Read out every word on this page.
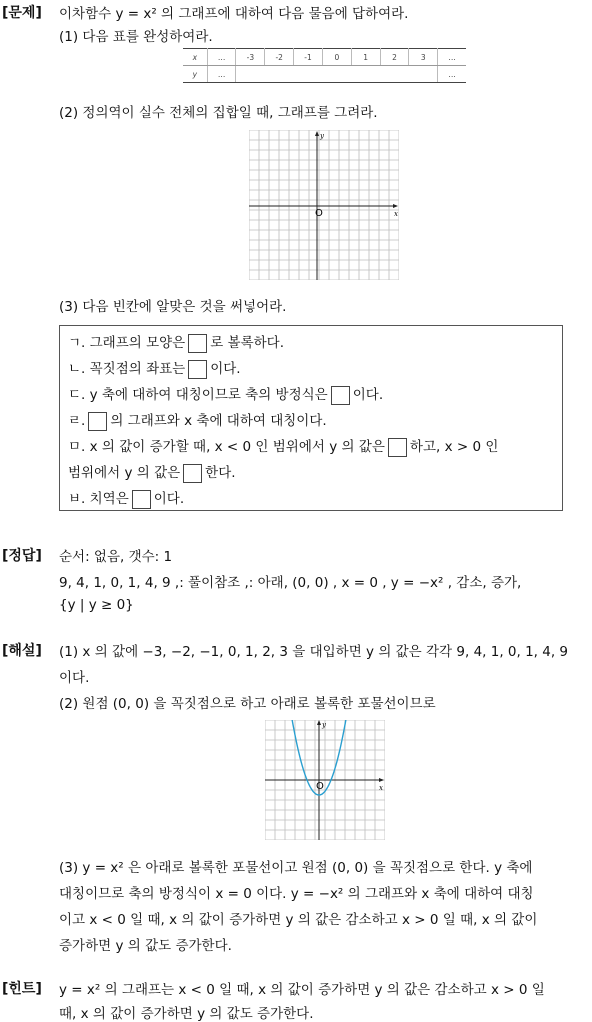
[문제] 이차함수 y = x² 의 그래프에 대하여 다음 물음에 답하여라.
(1) 다음 표를 완성하여라.
x	…	-3	-2	-1	0	1	2	3	…
y	…								…
(2) 정의역이 실수 전체의 집합일 때, 그래프를 그려라.
y
x
O
(3) 다음 빈칸에 알맞은 것을 써넣어라.
ㄱ. 그래프의 모양은 로 볼록하다.
ㄴ. 꼭짓점의 좌표는 이다.
ㄷ. y 축에 대하여 대칭이므로 축의 방정식은 이다.
ㄹ. 의 그래프와 x 축에 대하여 대칭이다.
ㅁ. x 의 값이 증가할 때, x < 0 인 범위에서 y 의 값은 하고, x > 0 인
범위에서 y 의 값은 한다.
ㅂ. 치역은 이다.
[정답] 순서: 없음, 갯수: 1
9, 4, 1, 0, 1, 4, 9 ,: 풀이참조 ,: 아래, (0, 0) , x = 0 , y = −x² , 감소, 증가,
{y | y ≥ 0}
[해설] (1) x 의 값에 −3, −2, −1, 0, 1, 2, 3 을 대입하면 y 의 값은 각각 9, 4, 1, 0, 1, 4, 9
이다.
(2) 원점 (0, 0) 을 꼭짓점으로 하고 아래로 볼록한 포물선이므로
y
x
O
(3) y = x² 은 아래로 볼록한 포물선이고 원점 (0, 0) 을 꼭짓점으로 한다. y 축에
대칭이므로 축의 방정식이 x = 0 이다. y = −x² 의 그래프와 x 축에 대하여 대칭
이고 x < 0 일 때, x 의 값이 증가하면 y 의 값은 감소하고 x > 0 일 때, x 의 값이
증가하면 y 의 값도 증가한다.
[힌트] y = x² 의 그래프는 x < 0 일 때, x 의 값이 증가하면 y 의 값은 감소하고 x > 0 일
때, x 의 값이 증가하면 y 의 값도 증가한다.
